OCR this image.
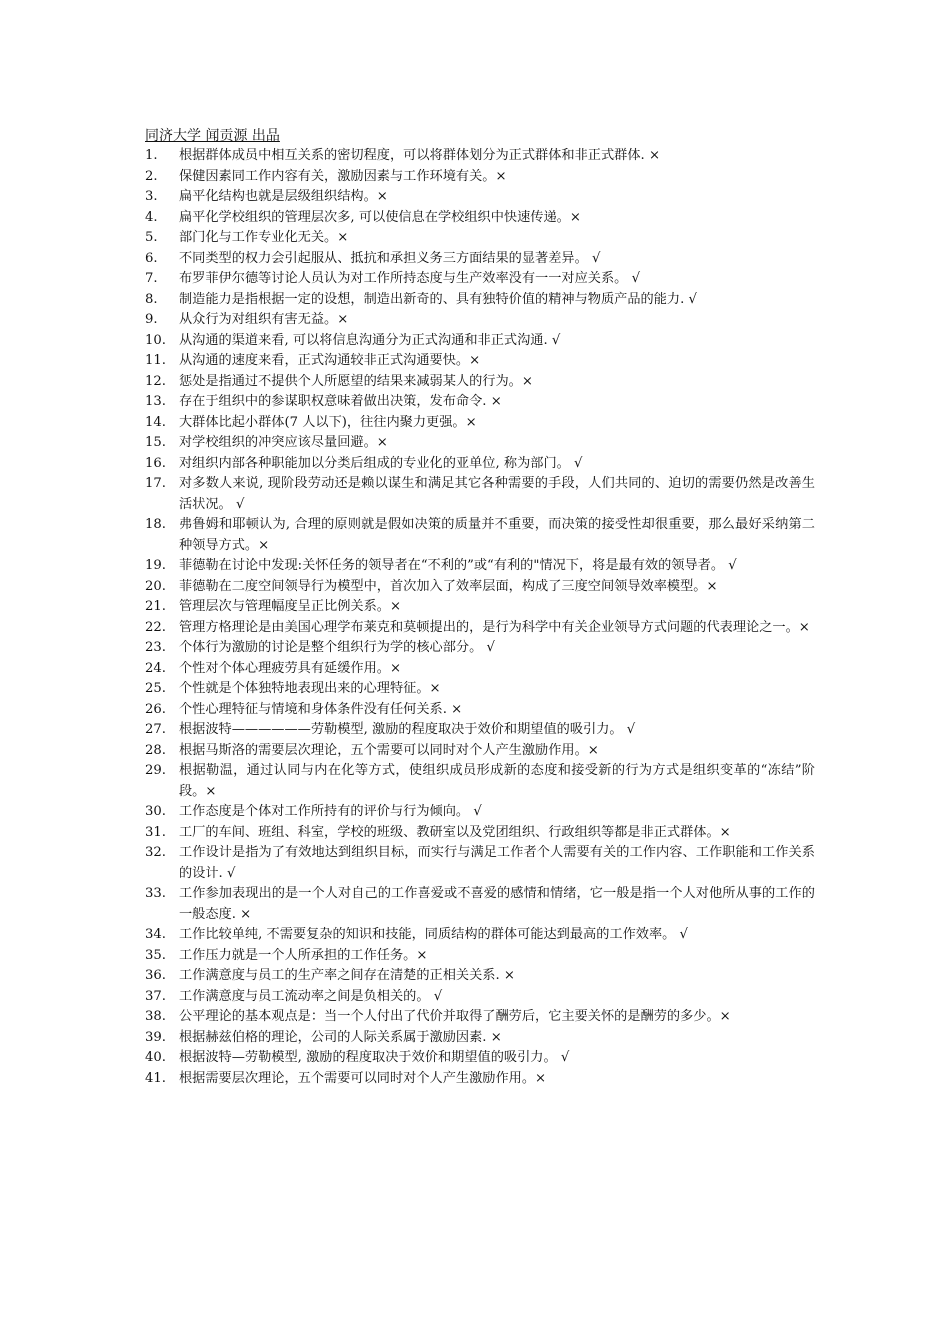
同济大学 闻贡源 出品
1.	根据群体成员中相互关系的密切程度，可以将群体划分为正式群体和非正式群体. ×
2.	保健因素同工作内容有关，激励因素与工作环境有关。×
3.	扁平化结构也就是层级组织结构。×
4.	扁平化学校组织的管理层次多, 可以使信息在学校组织中快速传递。×
5.	部门化与工作专业化无关。×
6.	不同类型的权力会引起服从、抵抗和承担义务三方面结果的显著差异。 √
7.	布罗菲伊尔德等讨论人员认为对工作所持态度与生产效率没有一一对应关系。 √
8.	制造能力是指根据一定的设想，制造出新奇的、具有独特价值的精神与物质产品的能力. √
9.	从众行为对组织有害无益。×
10. 从沟通的渠道来看, 可以将信息沟通分为正式沟通和非正式沟通. √
11. 从沟通的速度来看，正式沟通较非正式沟通要快。×
12. 惩处是指通过不提供个人所愿望的结果来减弱某人的行为。×
13. 存在于组织中的参谋职权意味着做出决策，发布命令. ×
14. 大群体比起小群体(7 人以下)，往往内聚力更强。×
15. 对学校组织的冲突应该尽量回避。×
16. 对组织内部各种职能加以分类后组成的专业化的亚单位, 称为部门。 √
17. 对多数人来说, 现阶段劳动还是赖以谋生和满足其它各种需要的手段，人们共同的、迫切的需要仍然是改善生活状况。 √
18. 弗鲁姆和耶顿认为, 合理的原则就是假如决策的质量并不重要，而决策的接受性却很重要，那么最好采纳第二种领导方式。×
19. 菲德勒在讨论中发现:关怀任务的领导者在“不利的”或“有利的"情况下，将是最有效的领导者。 √
20. 菲德勒在二度空间领导行为模型中，首次加入了效率层面，构成了三度空间领导效率模型。×
21. 管理层次与管理幅度呈正比例关系。×
22. 管理方格理论是由美国心理学布莱克和莫顿提出的，是行为科学中有关企业领导方式问题的代表理论之一。×
23. 个体行为激励的讨论是整个组织行为学的核心部分。 √
24. 个性对个体心理疲劳具有延缓作用。×
25. 个性就是个体独特地表现出来的心理特征。×
26. 个性心理特征与情境和身体条件没有任何关系. ×
27. 根据波特——————劳勒模型, 激励的程度取决于效价和期望值的吸引力。 √
28. 根据马斯洛的需要层次理论，五个需要可以同时对个人产生激励作用。×
29. 根据勒温，通过认同与内在化等方式，使组织成员形成新的态度和接受新的行为方式是组织变革的“冻结”阶段。×
30. 工作态度是个体对工作所持有的评价与行为倾向。 √
31. 工厂的车间、班组、科室，学校的班级、教研室以及党团组织、行政组织等都是非正式群体。×
32. 工作设计是指为了有效地达到组织目标，而实行与满足工作者个人需要有关的工作内容、工作职能和工作关系的设计. √
33. 工作参加表现出的是一个人对自己的工作喜爱或不喜爱的感情和情绪，它一般是指一个人对他所从事的工作的一般态度. ×
34. 工作比较单纯, 不需要复杂的知识和技能，同质结构的群体可能达到最高的工作效率。 √
35. 工作压力就是一个人所承担的工作任务。×
36. 工作满意度与员工的生产率之间存在清楚的正相关关系. ×
37. 工作满意度与员工流动率之间是负相关的。 √
38. 公平理论的基本观点是：当一个人付出了代价并取得了酬劳后，它主要关怀的是酬劳的多少。×
39. 根据赫兹伯格的理论，公司的人际关系属于激励因素. ×
40. 根据波特—劳勒模型, 激励的程度取决于效价和期望值的吸引力。 √
41. 根据需要层次理论，五个需要可以同时对个人产生激励作用。×
